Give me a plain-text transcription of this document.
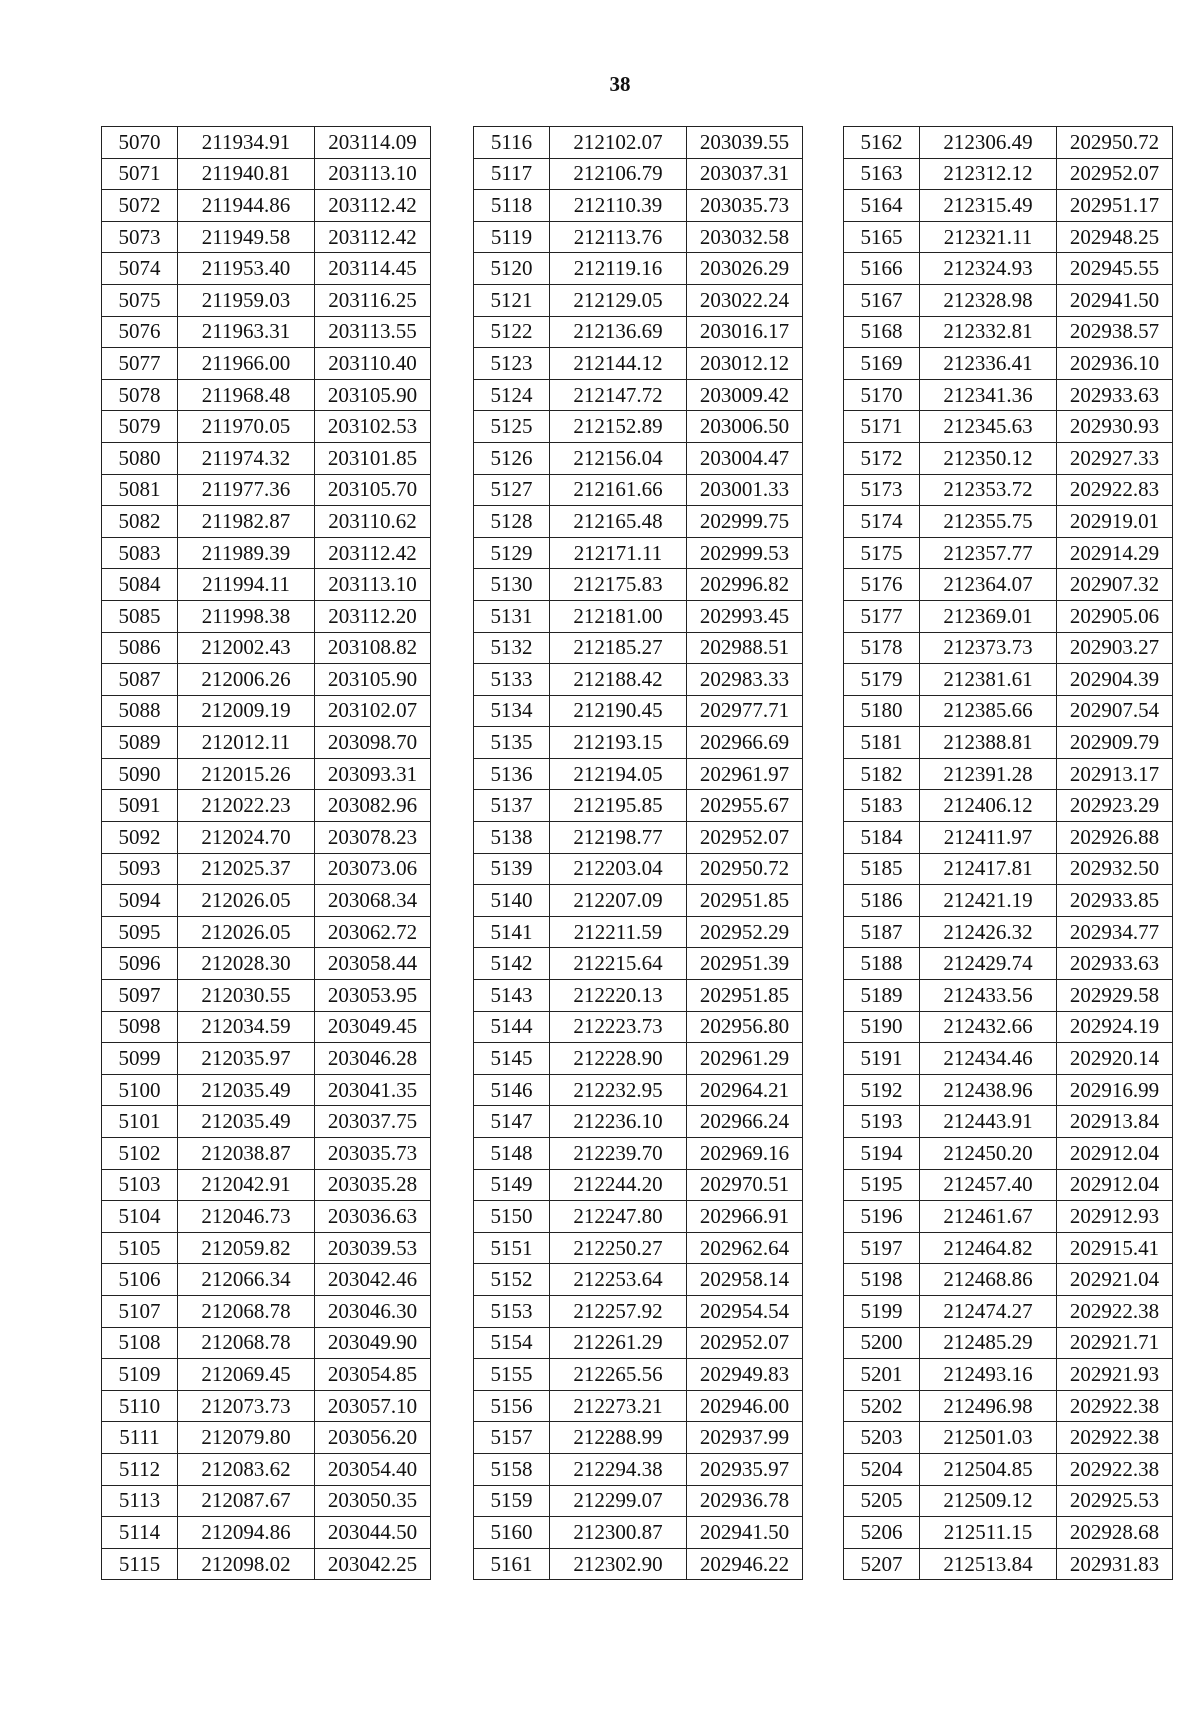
38
5070	211934.91	203114.09
5071	211940.81	203113.10
5072	211944.86	203112.42
5073	211949.58	203112.42
5074	211953.40	203114.45
5075	211959.03	203116.25
5076	211963.31	203113.55
5077	211966.00	203110.40
5078	211968.48	203105.90
5079	211970.05	203102.53
5080	211974.32	203101.85
5081	211977.36	203105.70
5082	211982.87	203110.62
5083	211989.39	203112.42
5084	211994.11	203113.10
5085	211998.38	203112.20
5086	212002.43	203108.82
5087	212006.26	203105.90
5088	212009.19	203102.07
5089	212012.11	203098.70
5090	212015.26	203093.31
5091	212022.23	203082.96
5092	212024.70	203078.23
5093	212025.37	203073.06
5094	212026.05	203068.34
5095	212026.05	203062.72
5096	212028.30	203058.44
5097	212030.55	203053.95
5098	212034.59	203049.45
5099	212035.97	203046.28
5100	212035.49	203041.35
5101	212035.49	203037.75
5102	212038.87	203035.73
5103	212042.91	203035.28
5104	212046.73	203036.63
5105	212059.82	203039.53
5106	212066.34	203042.46
5107	212068.78	203046.30
5108	212068.78	203049.90
5109	212069.45	203054.85
5110	212073.73	203057.10
5111	212079.80	203056.20
5112	212083.62	203054.40
5113	212087.67	203050.35
5114	212094.86	203044.50
5115	212098.02	203042.25
5116	212102.07	203039.55
5117	212106.79	203037.31
5118	212110.39	203035.73
5119	212113.76	203032.58
5120	212119.16	203026.29
5121	212129.05	203022.24
5122	212136.69	203016.17
5123	212144.12	203012.12
5124	212147.72	203009.42
5125	212152.89	203006.50
5126	212156.04	203004.47
5127	212161.66	203001.33
5128	212165.48	202999.75
5129	212171.11	202999.53
5130	212175.83	202996.82
5131	212181.00	202993.45
5132	212185.27	202988.51
5133	212188.42	202983.33
5134	212190.45	202977.71
5135	212193.15	202966.69
5136	212194.05	202961.97
5137	212195.85	202955.67
5138	212198.77	202952.07
5139	212203.04	202950.72
5140	212207.09	202951.85
5141	212211.59	202952.29
5142	212215.64	202951.39
5143	212220.13	202951.85
5144	212223.73	202956.80
5145	212228.90	202961.29
5146	212232.95	202964.21
5147	212236.10	202966.24
5148	212239.70	202969.16
5149	212244.20	202970.51
5150	212247.80	202966.91
5151	212250.27	202962.64
5152	212253.64	202958.14
5153	212257.92	202954.54
5154	212261.29	202952.07
5155	212265.56	202949.83
5156	212273.21	202946.00
5157	212288.99	202937.99
5158	212294.38	202935.97
5159	212299.07	202936.78
5160	212300.87	202941.50
5161	212302.90	202946.22
5162	212306.49	202950.72
5163	212312.12	202952.07
5164	212315.49	202951.17
5165	212321.11	202948.25
5166	212324.93	202945.55
5167	212328.98	202941.50
5168	212332.81	202938.57
5169	212336.41	202936.10
5170	212341.36	202933.63
5171	212345.63	202930.93
5172	212350.12	202927.33
5173	212353.72	202922.83
5174	212355.75	202919.01
5175	212357.77	202914.29
5176	212364.07	202907.32
5177	212369.01	202905.06
5178	212373.73	202903.27
5179	212381.61	202904.39
5180	212385.66	202907.54
5181	212388.81	202909.79
5182	212391.28	202913.17
5183	212406.12	202923.29
5184	212411.97	202926.88
5185	212417.81	202932.50
5186	212421.19	202933.85
5187	212426.32	202934.77
5188	212429.74	202933.63
5189	212433.56	202929.58
5190	212432.66	202924.19
5191	212434.46	202920.14
5192	212438.96	202916.99
5193	212443.91	202913.84
5194	212450.20	202912.04
5195	212457.40	202912.04
5196	212461.67	202912.93
5197	212464.82	202915.41
5198	212468.86	202921.04
5199	212474.27	202922.38
5200	212485.29	202921.71
5201	212493.16	202921.93
5202	212496.98	202922.38
5203	212501.03	202922.38
5204	212504.85	202922.38
5205	212509.12	202925.53
5206	212511.15	202928.68
5207	212513.84	202931.83
